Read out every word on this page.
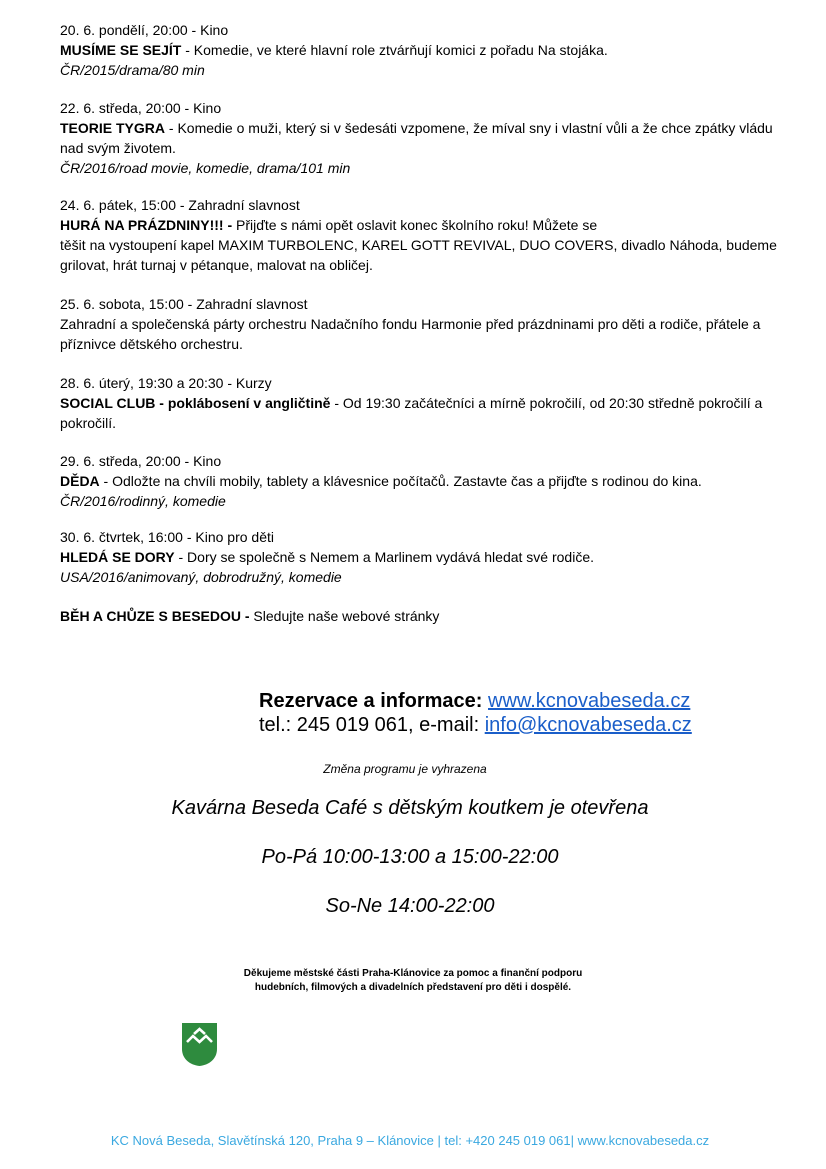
20. 6. pondělí, 20:00 - Kino

MUSÍME SE SEJÍT - Komedie, ve které hlavní role ztvárňují komici z pořadu Na stojáka.

ČR/2015/drama/80 min

22. 6. středa, 20:00 - Kino

TEORIE TYGRA - Komedie o muži, který si v šedesáti vzpomene, že míval sny i vlastní vůli a že chce zpátky vládu nad svým životem.

ČR/2016/road movie, komedie, drama/101 min

24. 6. pátek, 15:00 - Zahradní slavnost

HURÁ NA PRÁZDNINY!!! - Přijďte s námi opět oslavit konec školního roku! Můžete se

těšit na vystoupení kapel MAXIM TURBOLENC, KAREL GOTT REVIVAL, DUO COVERS, divadlo Náhoda, budeme grilovat, hrát turnaj v pétanque, malovat na obličej.

25. 6. sobota, 15:00 - Zahradní slavnost

Zahradní a společenská párty orchestru Nadačního fondu Harmonie před prázdninami pro děti a rodiče, přátele a příznivce dětského orchestru.

28. 6. úterý, 19:30 a 20:30 - Kurzy

SOCIAL CLUB - poklábosení v angličtině - Od 19:30 začátečníci a mírně pokročilí, od 20:30 středně pokročilí a pokročilí.

29. 6. středa, 20:00 - Kino

DĚDA - Odložte na chvíli mobily, tablety a klávesnice počítačů. Zastavte čas a přijďte s rodinou do kina.

ČR/2016/rodinný, komedie

30. 6. čtvrtek, 16:00 - Kino pro děti

HLEDÁ SE DORY - Dory se společně s Nemem a Marlinem vydává hledat své rodiče.

USA/2016/animovaný, dobrodružný, komedie

BĚH A CHŮZE S BESEDOU - Sledujte naše webové stránky

Rezervace a informace: www.kcnovabeseda.cz
tel.: 245 019 061, e-mail: info@kcnovabeseda.cz
Změna programu je vyhrazena
Kavárna Beseda Café s dětským koutkem je otevřena
Po-Pá 10:00-13:00 a 15:00-22:00
So-Ne 14:00-22:00
Děkujeme městské části Praha-Klánovice za pomoc a finanční podporu
hudebních, filmových a divadelních představení pro děti i dospělé.
KC Nová Beseda, Slavětínská 120, Praha 9 – Klánovice | tel: +420 245 019 061| www.kcnovabeseda.cz
